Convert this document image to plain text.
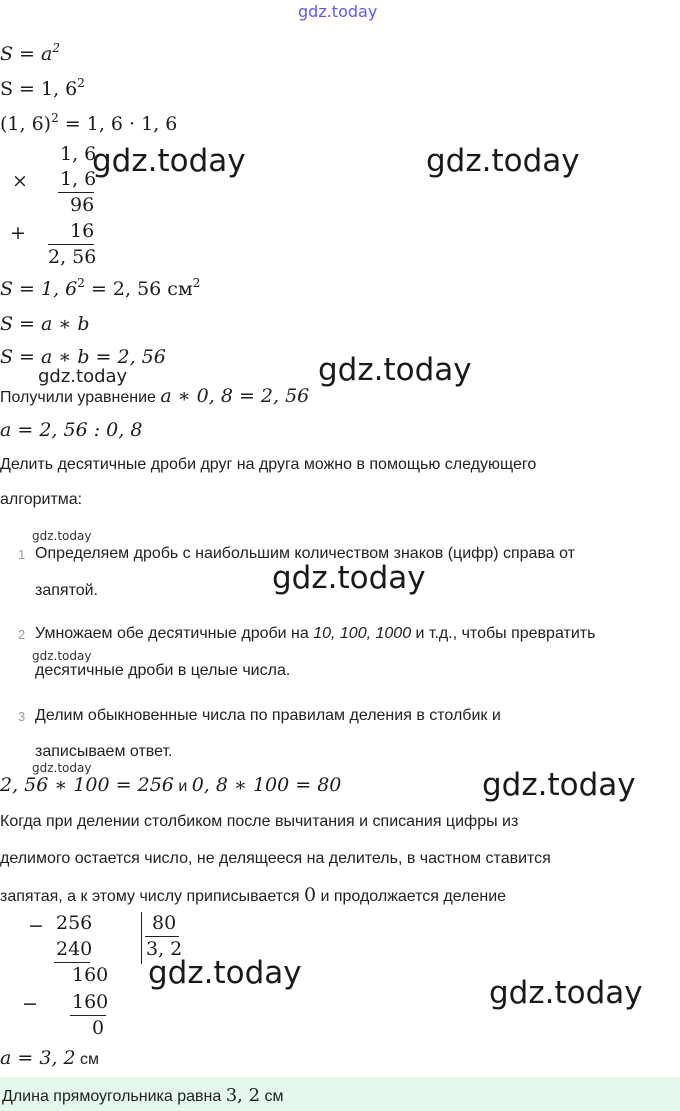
gdz.today
$S = a^2$
S = 1, $6^2$
(1, 6)$^2$ = 1, 6 · 1, 6
1, 6
× 1, 6
96
+ 16
2, 56
S = 1, $6^2 = 2$, 56 $см^2$
S = a ∗ b
S = a ∗ b = 2, 56
Получили уравнение a ∗ 0, 8 = 2, 56
a = 2, 56 : 0, 8
Делить десятичные дроби друг на друга можно в помощью следующего
алгоритма:
1 Определяем дробь с наибольшим количеством знаков (цифр) справа от
запятой.
2 Умножаем обе десятичные дроби на 10, 100, 1000 и т.д., чтобы превратить
десятичные дроби в целые числа.
3 Делим обыкновенные числа по правилам деления в столбик и
записываем ответ.
2, 56 ∗ 100 = 256 и 0, 8 ∗ 100 = 80
Когда при делении столбиком после вычитания и списания цифры из
делимого остается число, не делящееся на делитель, в частном ставится
запятая, а к этому числу приписывается 0 и продолжается деление
− 256	80
240	3, 2
160
− 160
0
a = 3, 2 см
Длина прямоугольника равна 3, 2 см
gdz.today	gdz.today
gdz.today
gdz.today
gdz.today
gdz.today
gdz.today
gdz.today	gdz.today
gdz.today
gdz.today
